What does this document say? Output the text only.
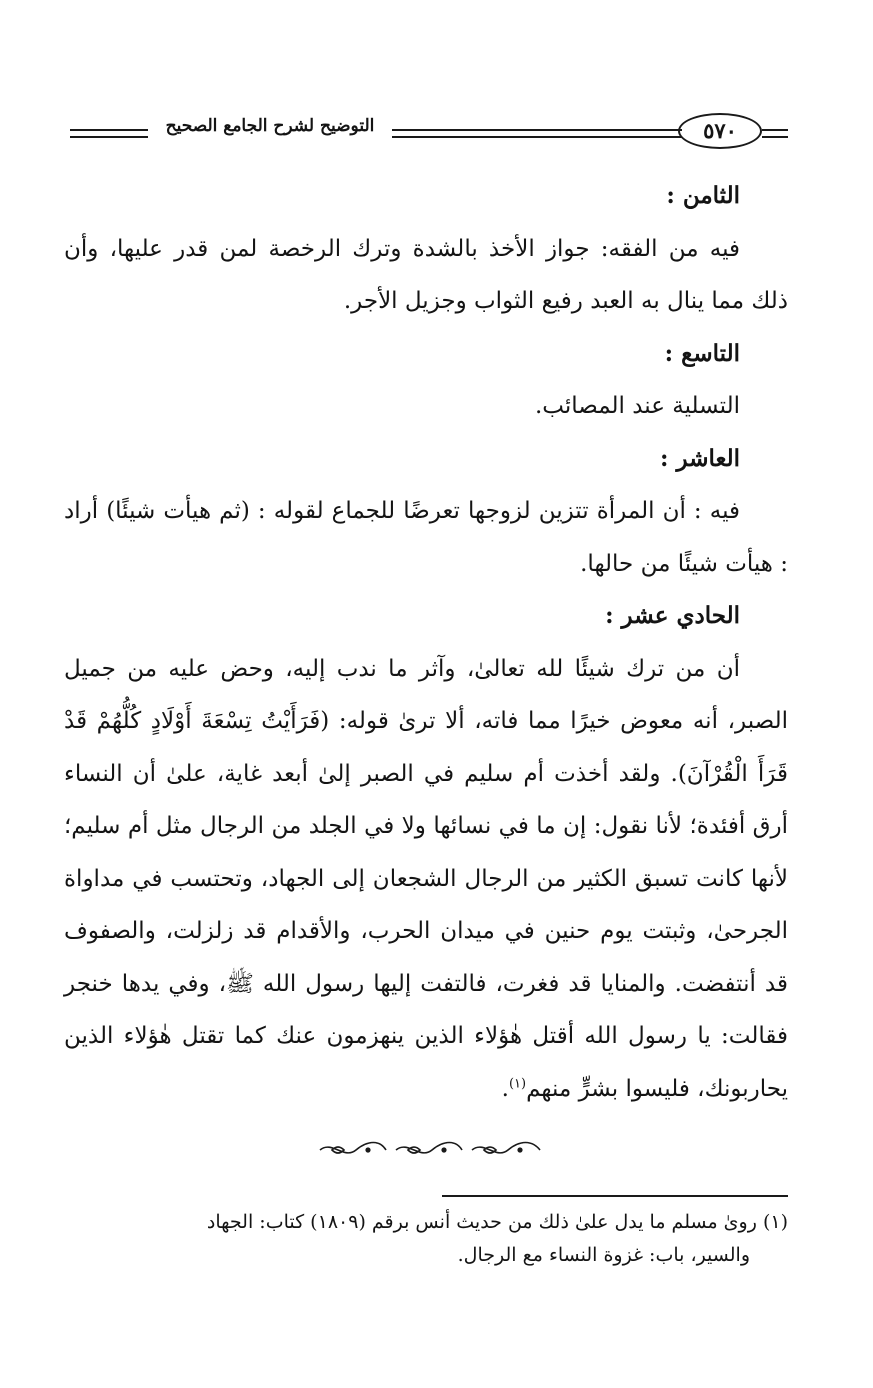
التوضيح لشرح الجامع الصحيح	٥٧٠

الثامن :

فيه من الفقه: جواز الأخذ بالشدة وترك الرخصة لمن قدر عليها، وأن ذلك مما ينال به العبد رفيع الثواب وجزيل الأجر.

التاسع :

التسلية عند المصائب.

العاشر :

فيه : أن المرأة تتزين لزوجها تعرضًا للجماع لقوله : (ثم هيأت شيئًا) أراد : هيأت شيئًا من حالها.

الحادي عشر :

أن من ترك شيئًا لله تعالىٰ، وآثر ما ندب إليه، وحض عليه من جميل الصبر، أنه معوض خيرًا مما فاته، ألا ترىٰ قوله: (فَرَأَيْتُ تِسْعَةَ أَوْلَادٍ كُلُّهُمْ قَدْ قَرَأَ الْقُرْآنَ). ولقد أخذت أم سليم في الصبر إلىٰ أبعد غاية، علىٰ أن النساء أرق أفئدة؛ لأنا نقول: إن ما في نسائها ولا في الجلد من الرجال مثل أم سليم؛ لأنها كانت تسبق الكثير من الرجال الشجعان إلى الجهاد، وتحتسب في مداواة الجرحىٰ، وثبتت يوم حنين في ميدان الحرب، والأقدام قد زلزلت، والصفوف قد أنتفضت. والمنايا قد فغرت، فالتفت إليها رسول الله ﷺ، وفي يدها خنجر فقالت: يا رسول الله أقتل هٰؤلاء الذين ينهزمون عنك كما تقتل هٰؤلاء الذين يحاربونك، فليسوا بشرٍّ منهم$^{(١)}$.

(١) روىٰ مسلم ما يدل علىٰ ذلك من حديث أنس برقم (١٨٠٩) كتاب: الجهاد

والسير، باب: غزوة النساء مع الرجال.
